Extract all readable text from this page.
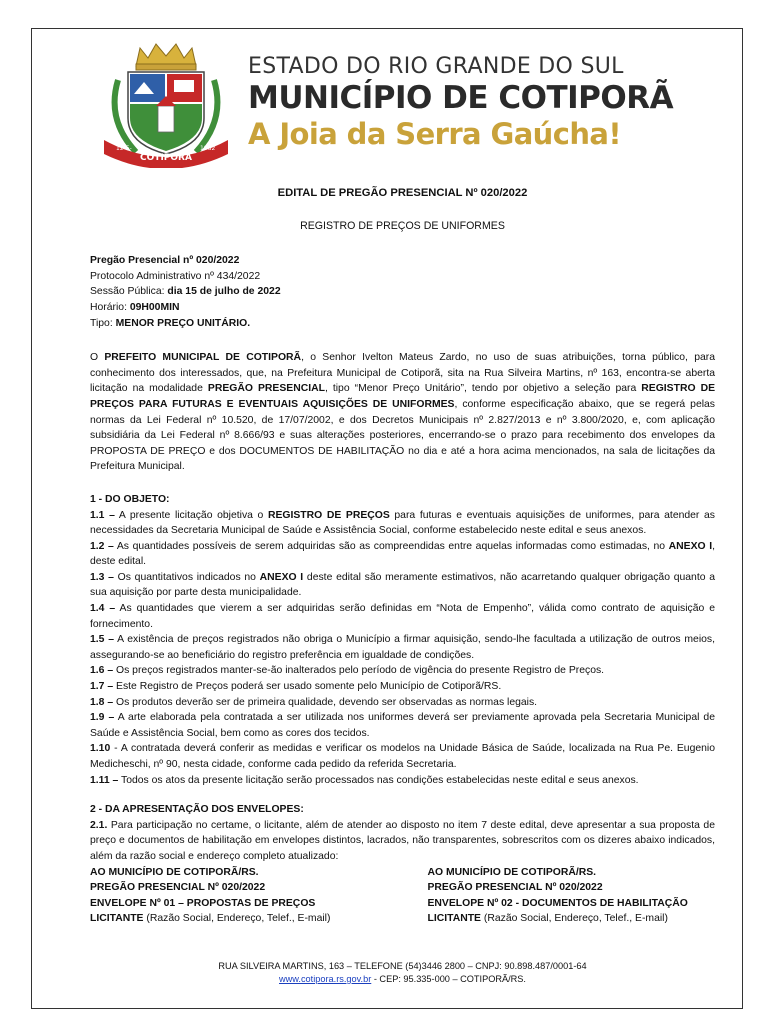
COTIPORÃ
12-5-	1982
ESTADO DO RIO GRANDE DO SUL
MUNICÍPIO DE COTIPORÃ
A Joia da Serra Gaúcha!
EDITAL DE PREGÃO PRESENCIAL Nº 020/2022
REGISTRO DE PREÇOS DE UNIFORMES
Pregão Presencial nº 020/2022
Protocolo Administrativo nº 434/2022
Sessão Pública: dia 15 de julho de 2022
Horário: 09H00MIN
Tipo: MENOR PREÇO UNITÁRIO.

O PREFEITO MUNICIPAL DE COTIPORÃ, o Senhor Ivelton Mateus Zardo, no uso de suas atribuições, torna público, para conhecimento dos interessados, que, na Prefeitura Municipal de Cotiporã, sita na Rua Silveira Martins, nº 163, encontra-se aberta licitação na modalidade PREGÃO PRESENCIAL, tipo “Menor Preço Unitário”, tendo por objetivo a seleção para REGISTRO DE PREÇOS PARA FUTURAS E EVENTUAIS AQUISIÇÕES DE UNIFORMES, conforme especificação abaixo, que se regerá pelas normas da Lei Federal nº 10.520, de 17/07/2002, e dos Decretos Municipais nº 2.827/2013 e nº 3.800/2020, e, com aplicação subsidiária da Lei Federal nº 8.666/93 e suas alterações posteriores, encerrando-se o prazo para recebimento dos envelopes da PROPOSTA DE PREÇO e dos DOCUMENTOS DE HABILITAÇÃO no dia e até a hora acima mencionados, na sala de licitações da Prefeitura Municipal.

1 - DO OBJETO:
1.1 – A presente licitação objetiva o REGISTRO DE PREÇOS para futuras e eventuais aquisições de uniformes, para atender as necessidades da Secretaria Municipal de Saúde e Assistência Social, conforme estabelecido neste edital e seus anexos.
1.2 – As quantidades possíveis de serem adquiridas são as compreendidas entre aquelas informadas como estimadas, no ANEXO I, deste edital.
1.3 – Os quantitativos indicados no ANEXO I deste edital são meramente estimativos, não acarretando qualquer obrigação quanto a sua aquisição por parte desta municipalidade.
1.4 – As quantidades que vierem a ser adquiridas serão definidas em “Nota de Empenho”, válida como contrato de aquisição e fornecimento.
1.5 – A existência de preços registrados não obriga o Município a firmar aquisição, sendo-lhe facultada a utilização de outros meios, assegurando-se ao beneficiário do registro preferência em igualdade de condições.
1.6 – Os preços registrados manter-se-ão inalterados pelo período de vigência do presente Registro de Preços.
1.7 – Este Registro de Preços poderá ser usado somente pelo Município de Cotiporã/RS.
1.8 – Os produtos deverão ser de primeira qualidade, devendo ser observadas as normas legais.
1.9 – A arte elaborada pela contratada a ser utilizada nos uniformes deverá ser previamente aprovada pela Secretaria Municipal de Saúde e Assistência Social, bem como as cores dos tecidos.
1.10 - A contratada deverá conferir as medidas e verificar os modelos na Unidade Básica de Saúde, localizada na Rua Pe. Eugenio Medicheschi, nº 90, nesta cidade, conforme cada pedido da referida Secretaria.
1.11 – Todos os atos da presente licitação serão processados nas condições estabelecidas neste edital e seus anexos.
2 - DA APRESENTAÇÃO DOS ENVELOPES:
2.1. Para participação no certame, o licitante, além de atender ao disposto no item 7 deste edital, deve apresentar a sua proposta de preço e documentos de habilitação em envelopes distintos, lacrados, não transparentes, sobrescritos com os dizeres abaixo indicados, além da razão social e endereço completo atualizado:
AO MUNICÍPIO DE COTIPORÃ/RS.
PREGÃO PRESENCIAL Nº 020/2022
ENVELOPE Nº 01 – PROPOSTAS DE PREÇOS
LICITANTE (Razão Social, Endereço, Telef., E-mail)
AO MUNICÍPIO DE COTIPORÃ/RS.
PREGÃO PRESENCIAL Nº 020/2022
ENVELOPE Nº 02 - DOCUMENTOS DE HABILITAÇÃO
LICITANTE (Razão Social, Endereço, Telef., E-mail)
RUA SILVEIRA MARTINS, 163 – TELEFONE (54)3446 2800 – CNPJ: 90.898.487/0001-64
www.cotipora.rs.gov.br - CEP: 95.335-000 – COTIPORÃ/RS.
